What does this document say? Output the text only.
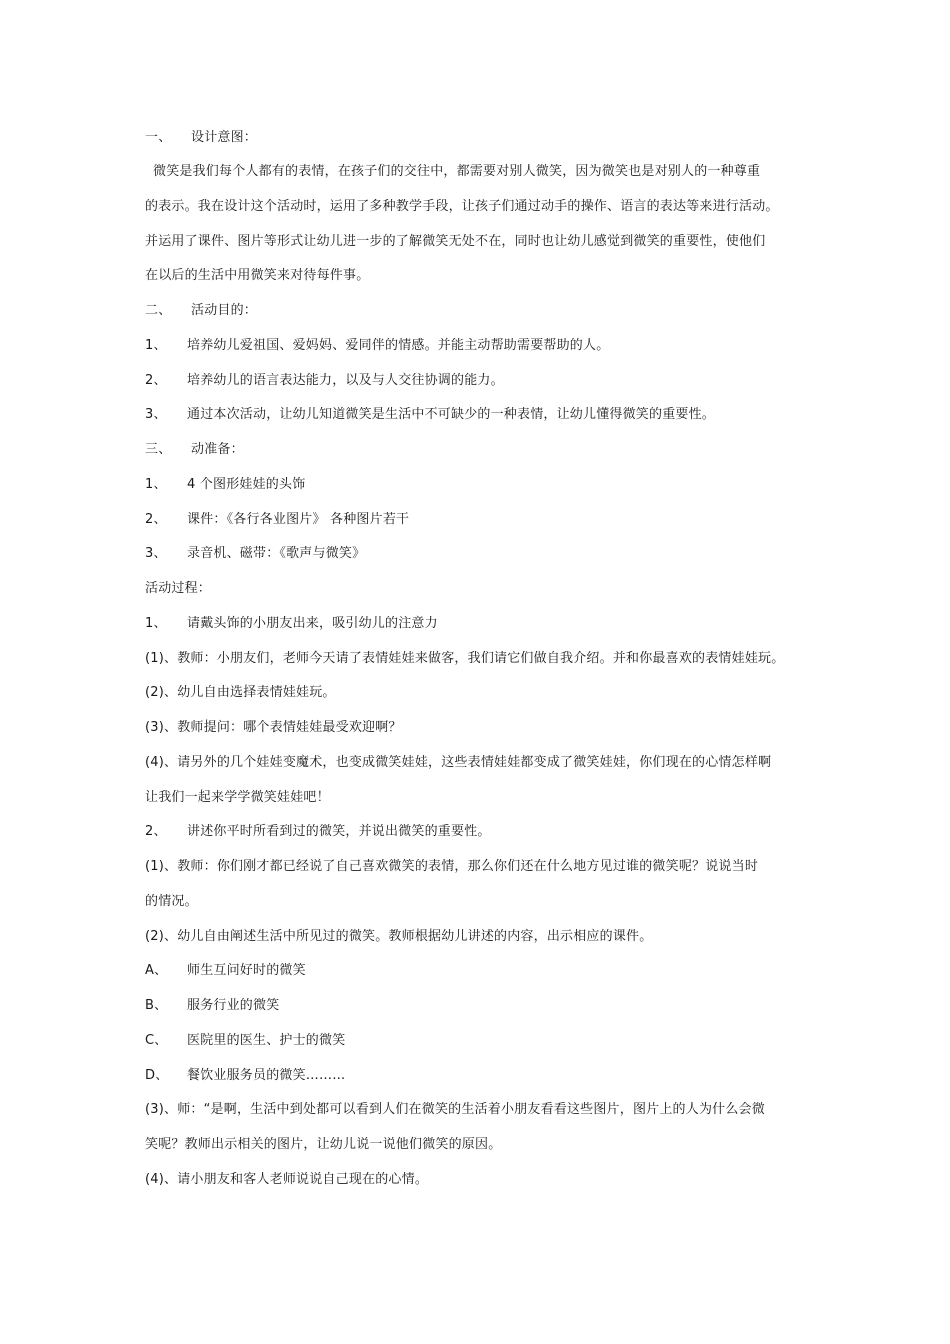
一、 设计意图：
微笑是我们每个人都有的表情，在孩子们的交往中，都需要对别人微笑，因为微笑也是对别人的一种尊重
的表示。我在设计这个活动时，运用了多种教学手段，让孩子们通过动手的操作、语言的表达等来进行活动。
并运用了课件、图片等形式让幼儿进一步的了解微笑无处不在，同时也让幼儿感觉到微笑的重要性，使他们
在以后的生活中用微笑来对待每件事。
二、 活动目的：
1、 培养幼儿爱祖国、爱妈妈、爱同伴的情感。并能主动帮助需要帮助的人。
2、 培养幼儿的语言表达能力，以及与人交往协调的能力。
3、 通过本次活动，让幼儿知道微笑是生活中不可缺少的一种表情，让幼儿懂得微笑的重要性。
三、 动准备：
1、 4 个图形娃娃的头饰
2、 课件：《各行各业图片》 各种图片若干
3、 录音机、磁带：《歌声与微笑》
活动过程：
1、 请戴头饰的小朋友出来，吸引幼儿的注意力
(1)、教师：小朋友们，老师今天请了表情娃娃来做客，我们请它们做自我介绍。并和你最喜欢的表情娃娃玩。
(2)、幼儿自由选择表情娃娃玩。
(3)、教师提问：哪个表情娃娃最受欢迎啊？
(4)、请另外的几个娃娃变魔术，也变成微笑娃娃，这些表情娃娃都变成了微笑娃娃，你们现在的心情怎样啊
让我们一起来学学微笑娃娃吧！
2、 讲述你平时所看到过的微笑，并说出微笑的重要性。
(1)、教师：你们刚才都已经说了自己喜欢微笑的表情，那么你们还在什么地方见过谁的微笑呢？说说当时
的情况。
(2)、幼儿自由阐述生活中所见过的微笑。教师根据幼儿讲述的内容，出示相应的课件。
A、 师生互问好时的微笑
B、 服务行业的微笑
C、 医院里的医生、护士的微笑
D、 餐饮业服务员的微笑………
(3)、师：“是啊，生活中到处都可以看到人们在微笑的生活着小朋友看看这些图片，图片上的人为什么会微
笑呢？教师出示相关的图片，让幼儿说一说他们微笑的原因。
(4)、请小朋友和客人老师说说自己现在的心情。
